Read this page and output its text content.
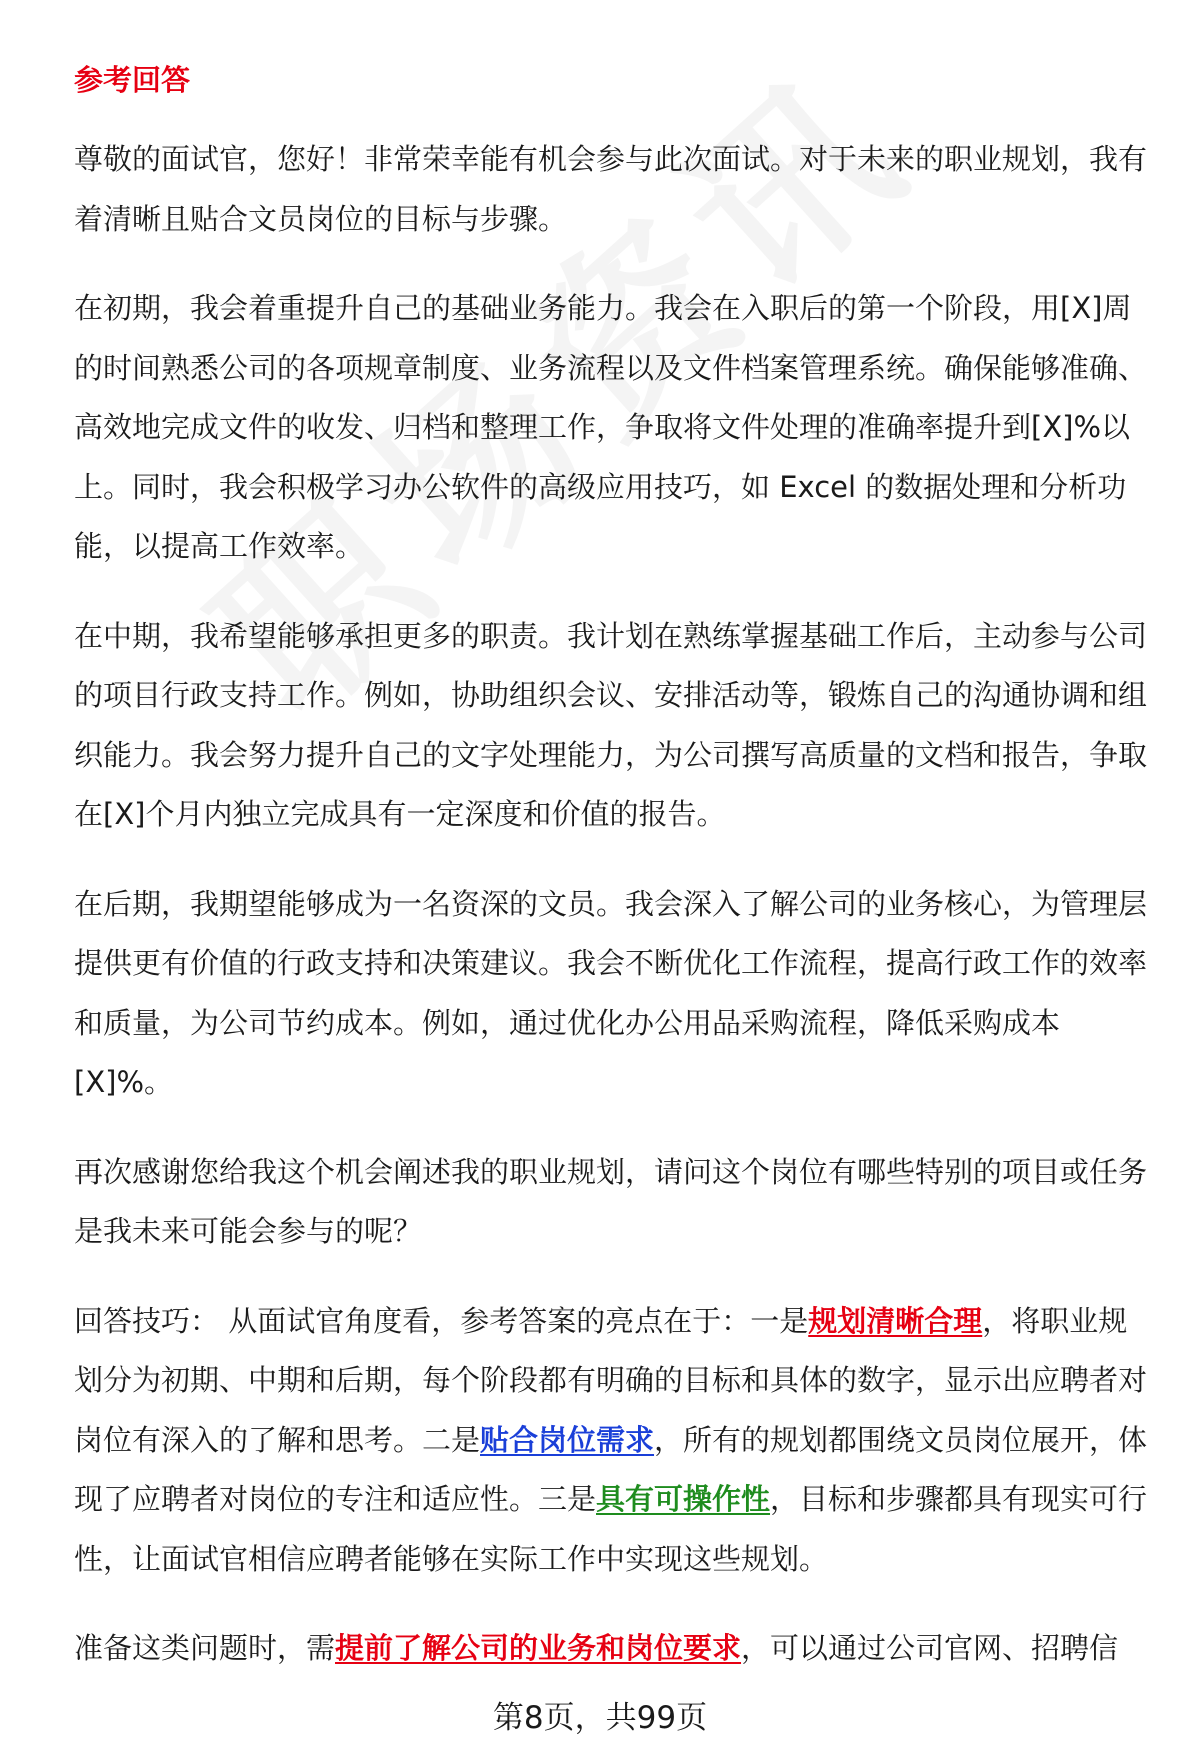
参考回答

尊敬的面试官，您好！非常荣幸能有机会参与此次面试。对于未来的职业规划，我有着清晰且贴合文员岗位的目标与步骤。

在初期，我会着重提升自己的基础业务能力。我会在入职后的第一个阶段，用[X]周的时间熟悉公司的各项规章制度、业务流程以及文件档案管理系统。确保能够准确、高效地完成文件的收发、归档和整理工作，争取将文件处理的准确率提升到[X]%以上。同时，我会积极学习办公软件的高级应用技巧，如 Excel 的数据处理和分析功能，以提高工作效率。

在中期，我希望能够承担更多的职责。我计划在熟练掌握基础工作后，主动参与公司的项目行政支持工作。例如，协助组织会议、安排活动等，锻炼自己的沟通协调和组织能力。我会努力提升自己的文字处理能力，为公司撰写高质量的文档和报告，争取在[X]个月内独立完成具有一定深度和价值的报告。

在后期，我期望能够成为一名资深的文员。我会深入了解公司的业务核心，为管理层提供更有价值的行政支持和决策建议。我会不断优化工作流程，提高行政工作的效率和质量，为公司节约成本。例如，通过优化办公用品采购流程，降低采购成本[X]%。

再次感谢您给我这个机会阐述我的职业规划，请问这个岗位有哪些特别的项目或任务是我未来可能会参与的呢？

回答技巧： 从面试官角度看，参考答案的亮点在于：一是规划清晰合理，将职业规划分为初期、中期和后期，每个阶段都有明确的目标和具体的数字，显示出应聘者对岗位有深入的了解和思考。二是贴合岗位需求，所有的规划都围绕文员岗位展开，体现了应聘者对岗位的专注和适应性。三是具有可操作性，目标和步骤都具有现实可行性，让面试官相信应聘者能够在实际工作中实现这些规划。

准备这类问题时，需提前了解公司的业务和岗位要求，可以通过公司官网、招聘信

第8页，共99页
